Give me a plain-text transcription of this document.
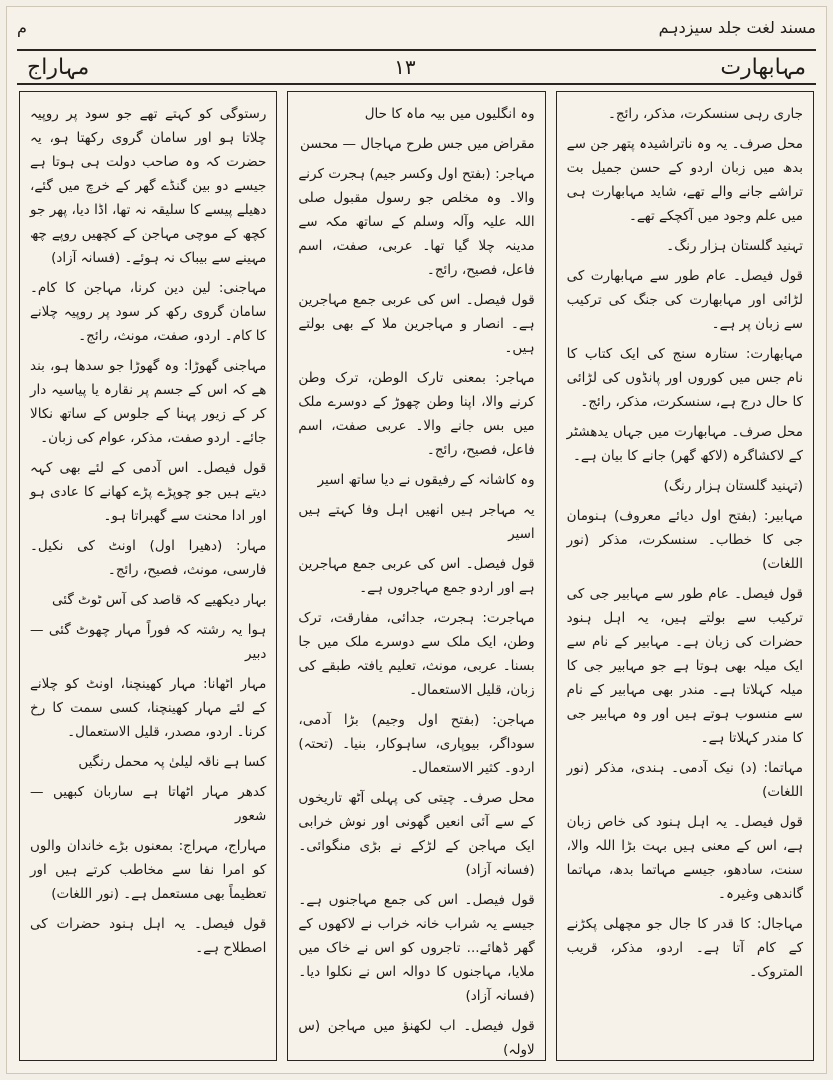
مسند لغت جلد سیزدہم
م
مہابھارت
۱۳
مہاراج

جاری رہی سنسکرت، مذکر، رائج۔

محل صرف۔ یہ وہ ناتراشیدہ پتھر جن سے بدھ میں زبان اردو کے حسن جمیل بت تراشے جانے والے تھے، شاید مہابھارت ہی میں علم وجود میں آکچکے تھے۔

تہنید گلستان ہزار رنگ۔

قول فیصل۔ عام طور سے مہابھارت کی لڑائی اور مہابھارت کی جنگ کی ترکیب سے زبان پر ہے۔

مہابھارت: ستارہ سنج کی ایک کتاب کا نام جس میں کوروں اور پانڈوں کی لڑائی کا حال درج ہے، سنسکرت، مذکر، رائج۔

محل صرف۔ مہابھارت میں جہاں یدھشٹر کے لاکشاگرہ (لاکھ گھر) جانے کا بیان ہے۔

(تہنید گلستان ہزار رنگ)

مہابیر: (بفتح اول دیائے معروف) ہنومان جی کا خطاب۔ سنسکرت، مذکر (نور اللغات)

قول فیصل۔ عام طور سے مہابیر جی کی ترکیب سے بولتے ہیں، یہ اہل ہنود حضرات کی زبان ہے۔ مہابیر کے نام سے ایک میلہ بھی ہوتا ہے جو مہابیر جی کا میلہ کہلاتا ہے۔ مندر بھی مہابیر کے نام سے منسوب ہوتے ہیں اور وہ مہابیر جی کا مندر کہلاتا ہے۔

مہاتما: (د) نیک آدمی۔ ہندی، مذکر (نور اللغات)

قول فیصل۔ یہ اہل ہنود کی خاص زبان ہے، اس کے معنی ہیں بہت بڑا اللہ والا، سنت، سادھو، جیسے مہاتما بدھ، مہاتما گاندھی وغیرہ۔

مہاجال: کا قدر کا جال جو مچھلی پکڑنے کے کام آتا ہے۔ اردو، مذکر، قریب المتروک۔

وہ انگلیوں میں بیہ ماہ کا حال

مقراض میں جس طرح مہاجال — محسن

مہاجر: (بفتح اول وکسر جیم) ہجرت کرنے والا۔ وہ مخلص جو رسول مقبول صلی اللہ علیہ وآلہ وسلم کے ساتھ مکہ سے مدینہ چلا گیا تھا۔ عربی، صفت، اسم فاعل، فصیح، رائج۔

قول فیصل۔ اس کی عربی جمع مہاجرین ہے۔ انصار و مہاجرین ملا کے بھی بولتے ہیں۔

مہاجر: بمعنی تارک الوطن، ترک وطن کرنے والا، اپنا وطن چھوڑ کے دوسرے ملک میں بس جانے والا۔ عربی صفت، اسم فاعل، فصیح، رائج۔

وہ کاشانہ کے رفیقوں نے دیا ساتھ اسیر

یہ مہاجر ہیں انھیں اہل وفا کہتے ہیں اسیر

قول فیصل۔ اس کی عربی جمع مہاجرین ہے اور اردو جمع مہاجروں ہے۔

مہاجرت: ہجرت، جدائی، مفارقت، ترک وطن، ایک ملک سے دوسرے ملک میں جا بسنا۔ عربی، مونث، تعلیم یافتہ طبقے کی زبان، قلیل الاستعمال۔

مہاجن: (بفتح اول وجیم) بڑا آدمی، سوداگر، بیوپاری، ساہوکار، بنیا۔ (تحتہ) اردو۔ کثیر الاستعمال۔

محل صرف۔ چیتی کی پہلی آٹھ تاریخوں کے سے آئی انعیں گھونی اور نوش خرابی ایک مہاجن کے لڑکے نے بڑی منگوائی۔ (فسانہ آزاد)

قول فیصل۔ اس کی جمع مہاجنوں ہے۔ جیسے یہ شراب خانہ خراب نے لاکھوں کے گھر ڈھائے... تاجروں کو اس نے خاک میں ملایا، مہاجنوں کا دوالہ اس نے نکلوا دیا۔ (فسانہ آزاد)

قول فیصل۔ اب لکھنؤ میں مہاجن (س لاولہ)

رستوگی کو کہتے تھے جو سود پر روپیہ چلاتا ہو اور سامان گروی رکھتا ہو، یہ حضرت کہ وہ صاحب دولت ہی ہوتا ہے جیسے دو بین گنڈے گھر کے خرچ میں گئے، دھیلے پیسے کا سلیقہ نہ تھا، اڈا دیا، پھر جو کچھ کے موچی مہاجن کے کچھیں روپے چھ مہینے سے بیباک نہ ہوئے۔ (فسانہ آزاد)

مہاجنی: لین دین کرنا، مہاجن کا کام۔ سامان گروی رکھ کر سود پر روپیہ چلانے کا کام۔ اردو، صفت، مونث، رائج۔

مہاجنی گھوڑا: وہ گھوڑا جو سدھا ہو، بند ھے کہ اس کے جسم پر نقارہ یا پیاسیہ دار کر کے زیور پہنا کے جلوس کے ساتھ نکالا جائے۔ اردو صفت، مذکر، عوام کی زبان۔

قول فیصل۔ اس آدمی کے لئے بھی کہہ دیتے ہیں جو چوپڑے پڑے کھانے کا عادی ہو اور ادا محنت سے گھبراتا ہو۔

مہار: (دھیرا اول) اونٹ کی نکیل۔ فارسی، مونث، فصیح، رائج۔

بہار دیکھیے کہ قاصد کی آس ٹوٹ گئی

ہوا یہ رشتہ کہ فوراً مہار چھوٹ گئی — دبیر

مہار اٹھانا: مہار کھینچنا، اونٹ کو چلانے کے لئے مہار کھینچنا، کسی سمت کا رخ کرنا۔ اردو، مصدر، قلیل الاستعمال۔

کسا ہے ناقہ لیلیٰ پہ محمل رنگیں

کدھر مہار اٹھاتا ہے ساربان کبھیں — شعور

مہاراج، مہراج: بمعنوں بڑے خاندان والوں کو امرا نفا سے مخاطب کرتے ہیں اور تعظیماً بھی مستعمل ہے۔ (نور اللغات)

قول فیصل۔ یہ اہل ہنود حضرات کی اصطلاح ہے۔
